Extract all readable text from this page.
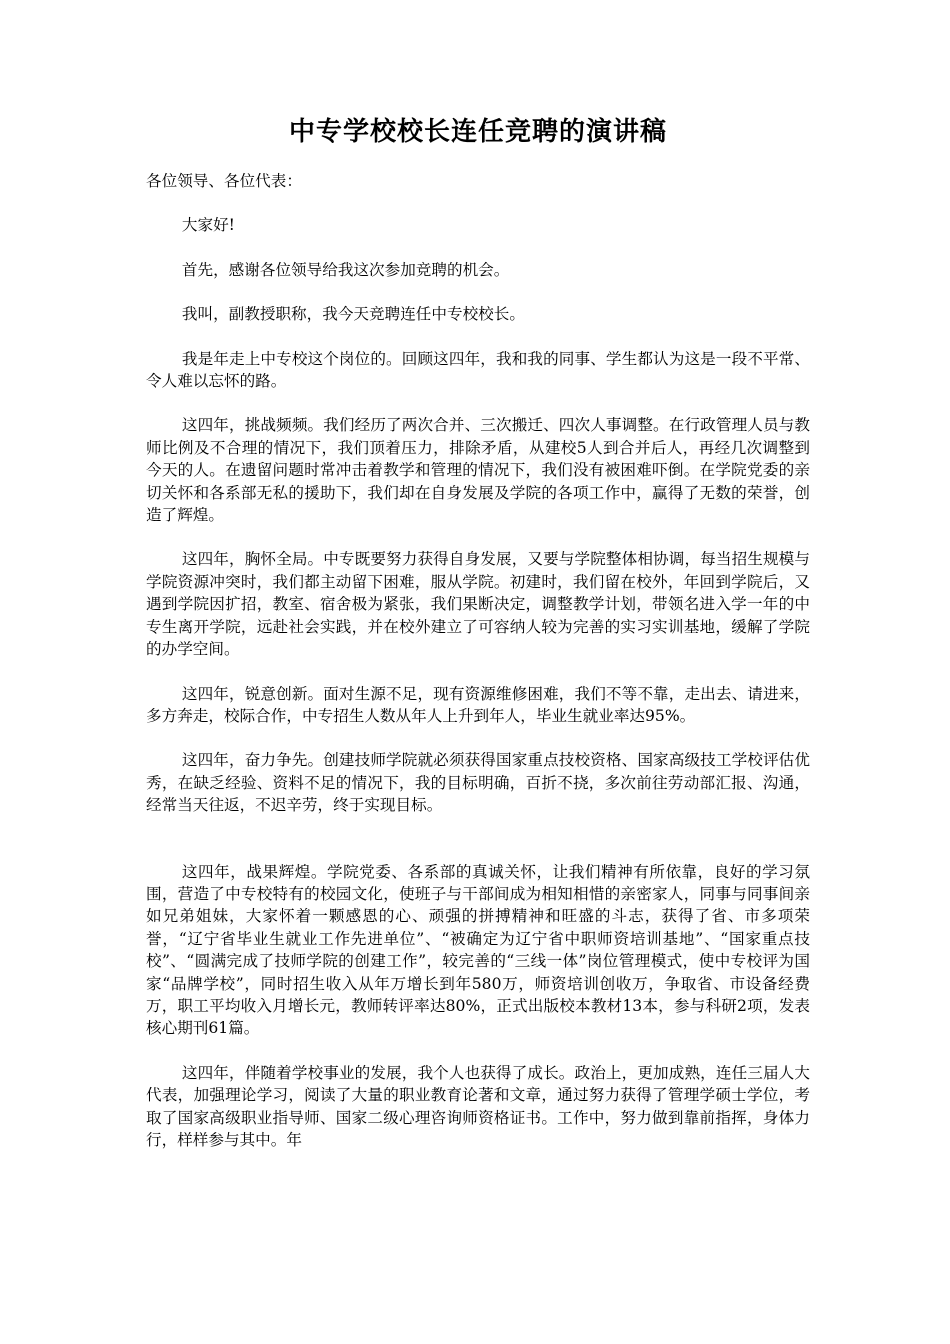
中专学校校长连任竞聘的演讲稿

各位领导、各位代表：

大家好!

首先，感谢各位领导给我这次参加竞聘的机会。

我叫，副教授职称，我今天竞聘连任中专校校长。

我是年走上中专校这个岗位的。回顾这四年，我和我的同事、学生都认为这是一段不平常、令人难以忘怀的路。

这四年，挑战频频。我们经历了两次合并、三次搬迁、四次人事调整。在行政管理人员与教师比例及不合理的情况下，我们顶着压力，排除矛盾，从建校5人到合并后人，再经几次调整到今天的人。在遗留问题时常冲击着教学和管理的情况下，我们没有被困难吓倒。在学院党委的亲切关怀和各系部无私的援助下，我们却在自身发展及学院的各项工作中，赢得了无数的荣誉，创造了辉煌。

这四年，胸怀全局。中专既要努力获得自身发展，又要与学院整体相协调，每当招生规模与学院资源冲突时，我们都主动留下困难，服从学院。初建时，我们留在校外，年回到学院后，又遇到学院因扩招，教室、宿舍极为紧张，我们果断决定，调整教学计划，带领名进入学一年的中专生离开学院，远赴社会实践，并在校外建立了可容纳人较为完善的实习实训基地，缓解了学院的办学空间。

这四年，锐意创新。面对生源不足，现有资源维修困难，我们不等不靠，走出去、请进来，多方奔走，校际合作，中专招生人数从年人上升到年人，毕业生就业率达95%。

这四年，奋力争先。创建技师学院就必须获得国家重点技校资格、国家高级技工学校评估优秀，在缺乏经验、资料不足的情况下，我的目标明确，百折不挠，多次前往劳动部汇报、沟通，经常当天往返，不迟辛劳，终于实现目标。

这四年，战果辉煌。学院党委、各系部的真诚关怀，让我们精神有所依靠，良好的学习氛围，营造了中专校特有的校园文化，使班子与干部间成为相知相惜的亲密家人，同事与同事间亲如兄弟姐妹，大家怀着一颗感恩的心、顽强的拼搏精神和旺盛的斗志，获得了省、市多项荣誉，“辽宁省毕业生就业工作先进单位”、“被确定为辽宁省中职师资培训基地”、“国家重点技校”、“圆满完成了技师学院的创建工作”，较完善的“三线一体”岗位管理模式，使中专校评为国家“品牌学校”，同时招生收入从年万增长到年580万，师资培训创收万，争取省、市设备经费万，职工平均收入月增长元，教师转评率达80%，正式出版校本教材13本，参与科研2项，发表核心期刊61篇。

这四年，伴随着学校事业的发展，我个人也获得了成长。政治上，更加成熟，连任三届人大代表，加强理论学习，阅读了大量的职业教育论著和文章，通过努力获得了管理学硕士学位，考取了国家高级职业指导师、国家二级心理咨询师资格证书。工作中，努力做到靠前指挥，身体力行，样样参与其中。年
